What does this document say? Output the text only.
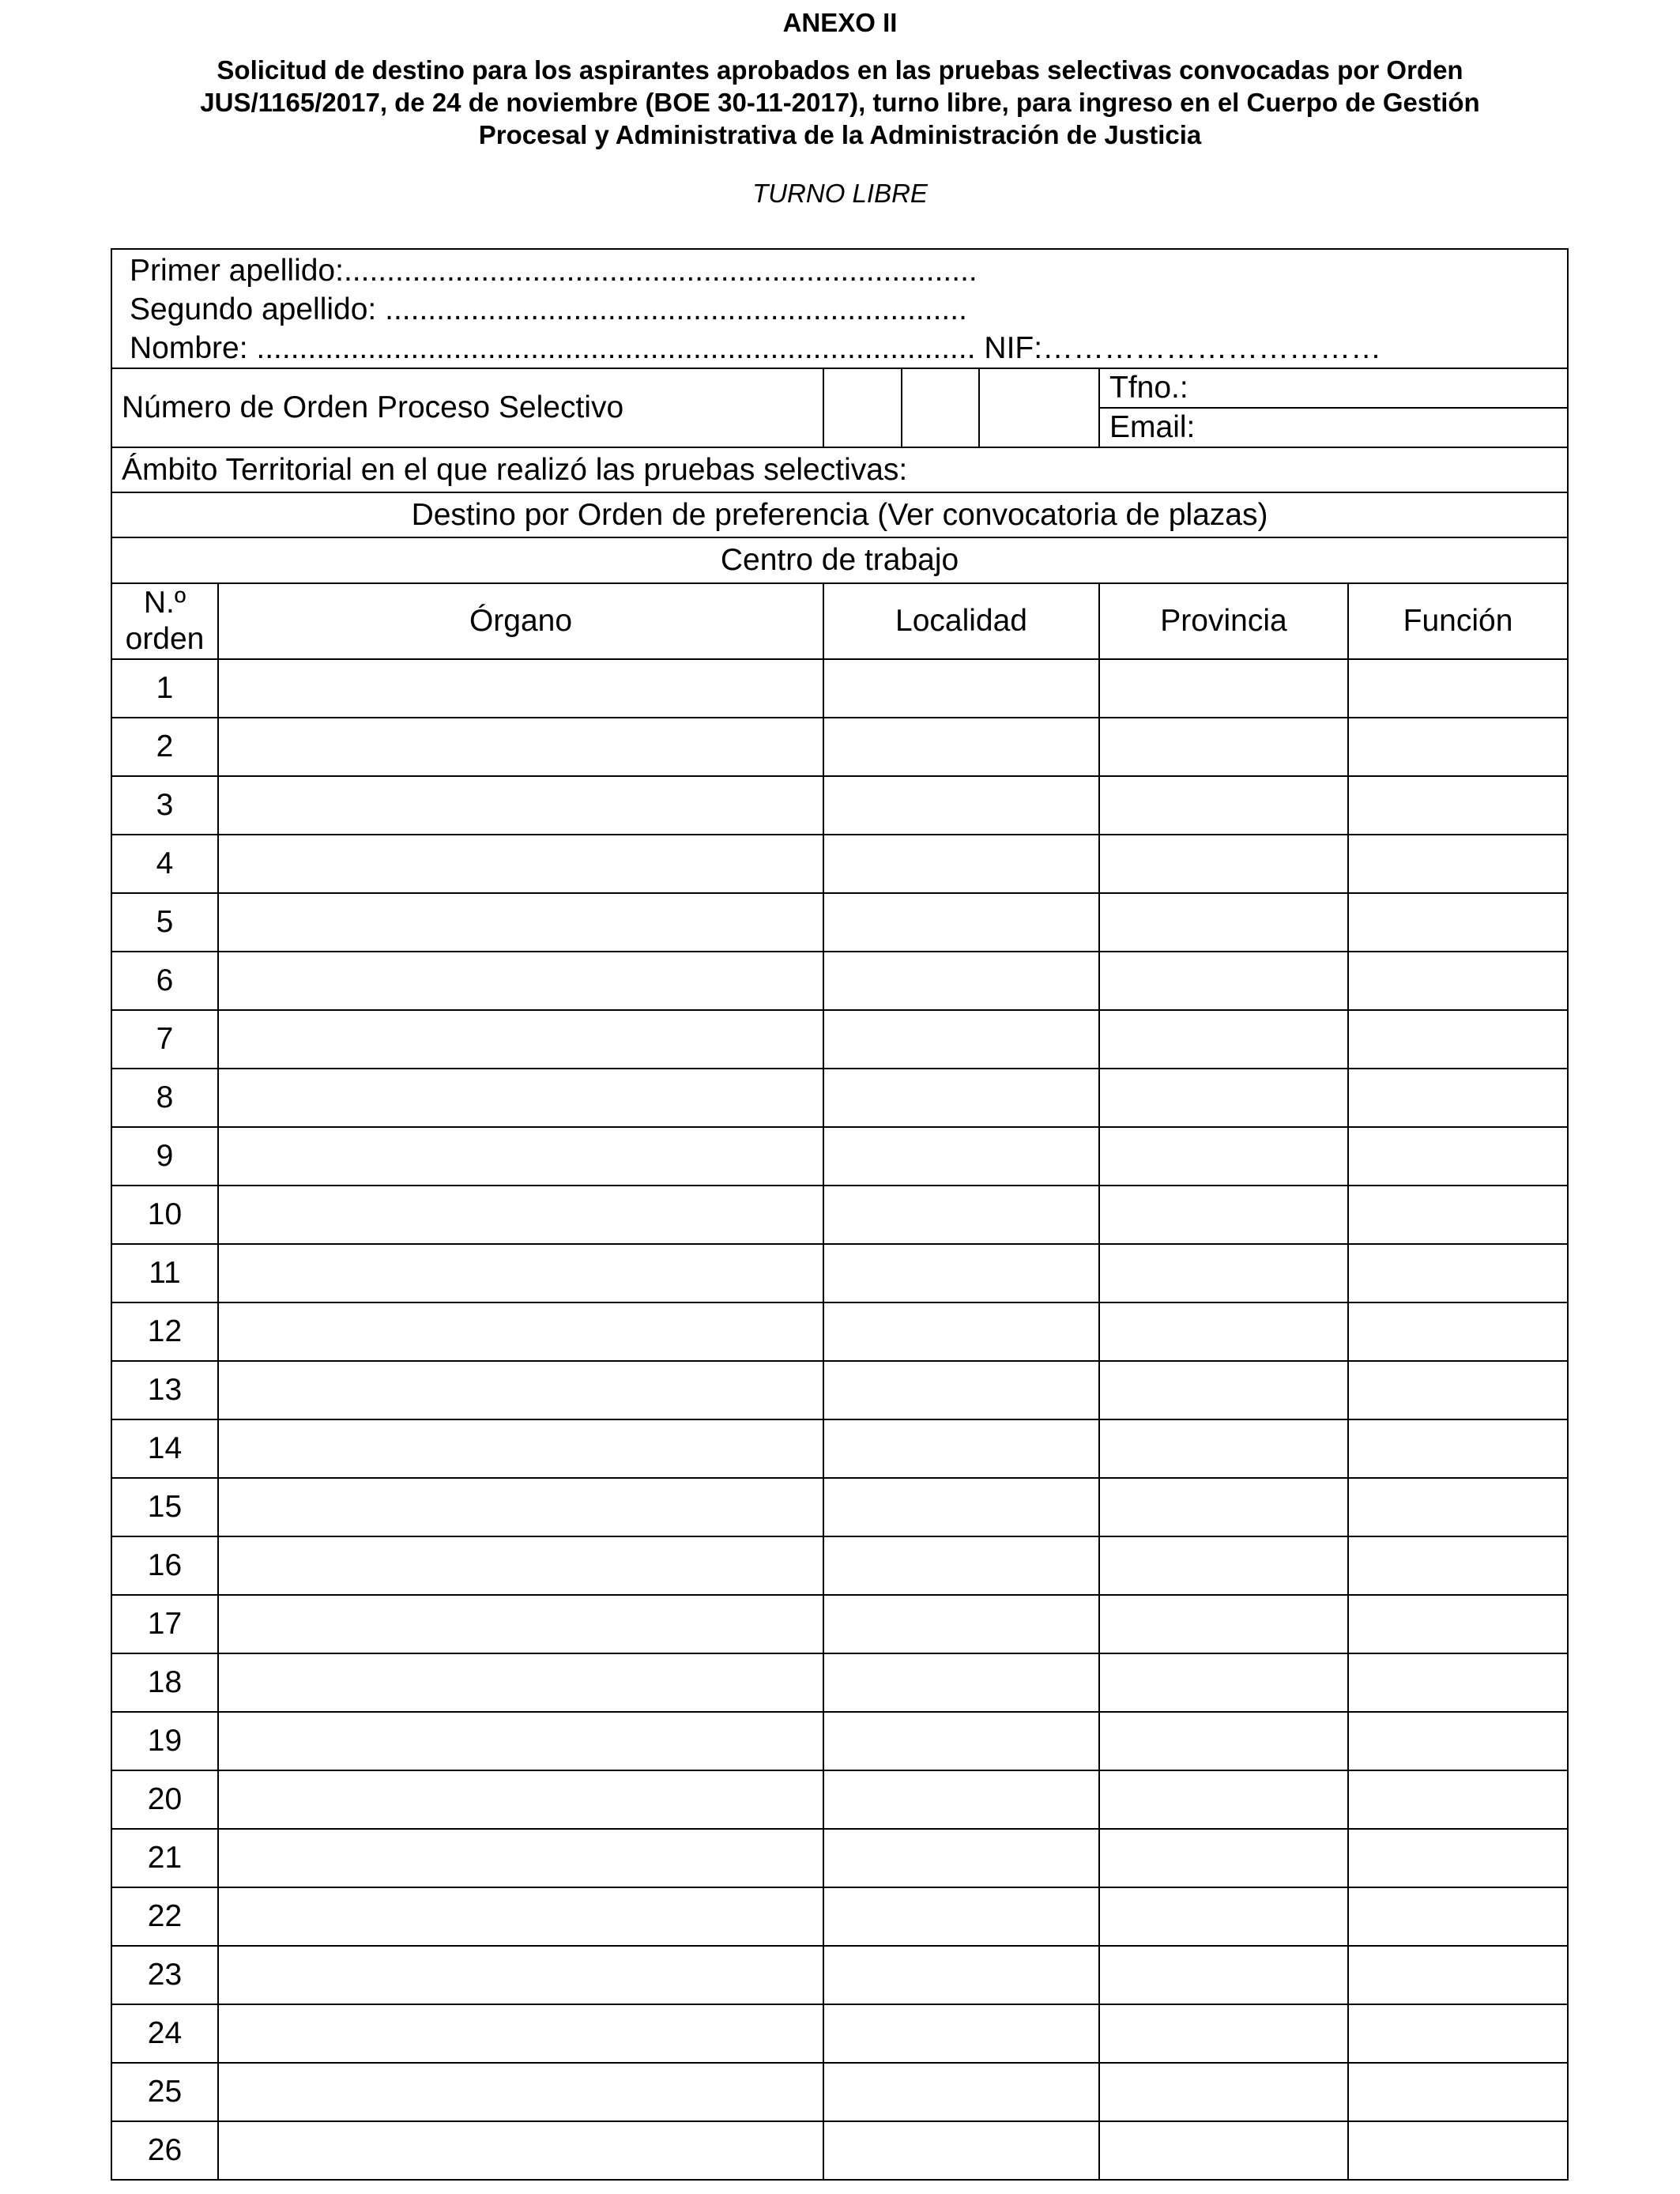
ANEXO II
Solicitud de destino para los aspirantes aprobados en las pruebas selectivas convocadas por Orden
JUS/1165/2017, de 24 de noviembre (BOE 30-11-2017), turno libre, para ingreso en el Cuerpo de Gestión
Procesal y Administrativa de la Administración de Justicia
TURNO LIBRE
Primer apellido:..........................................................................
Segundo apellido: ....................................................................
Nombre: .................................................................................... NIF:……………………………						

Número de Orden Proceso Selectivo					Tfno.:	
					Email:	
Ámbito Territorial en el que realizó las pruebas selectivas:						
Destino por Orden de preferencia (Ver convocatoria de plazas)						
Centro de trabajo						

N.º
orden	Órgano	Localidad			Provincia	Función
1						
2						
3						
4						
5						
6						
7						
8						
9						
10						
11						
12						
13						
14						
15						
16						
17						
18						
19						
20						
21						
22						
23						
24						
25						
26						
